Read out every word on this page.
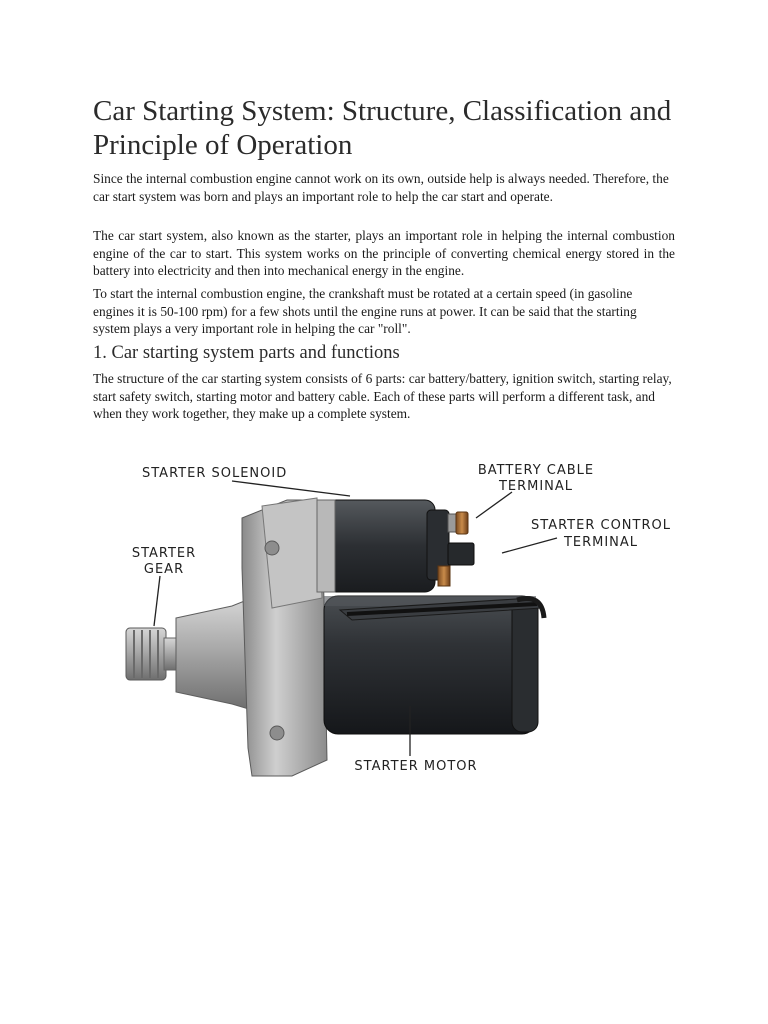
Car Starting System: Structure, Classification and Principle of Operation

Since the internal combustion engine cannot work on its own, outside help is always needed. Therefore, the car start system was born and plays an important role to help the car start and operate.

The car start system, also known as the starter, plays an important role in helping the internal combustion engine of the car to start. This system works on the principle of converting chemical energy stored in the battery into electricity and then into mechanical energy in the engine.

To start the internal combustion engine, the crankshaft must be rotated at a certain speed (in gasoline engines it is 50-100 rpm) for a few shots until the engine runs at power. It can be said that the starting system plays a very important role in helping the car "roll".

1. Car starting system parts and functions

The structure of the car starting system consists of 6 parts: car battery/battery, ignition switch, starting relay, start safety switch, starting motor and battery cable. Each of these parts will perform a different task, and when they work together, they make up a complete system.

STARTER SOLENOID	BATTERY CABLE
TERMINAL
STARTER CONTROL
TERMINAL
STARTER
GEAR
STARTER MOTOR
